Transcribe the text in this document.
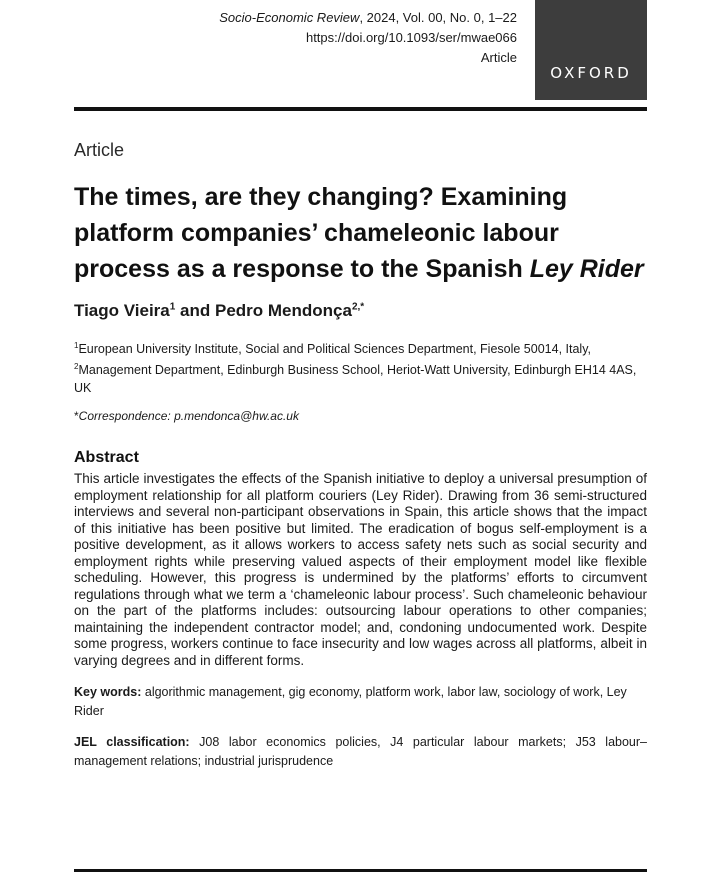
Socio-Economic Review, 2024, Vol. 00, No. 0, 1–22
https://doi.org/10.1093/ser/mwae066
Article
OXFORD

Article

The times, are they changing? Examining platform companies’ chameleonic labour process as a response to the Spanish Ley Rider

Tiago Vieira$^1$ and Pedro Mendonça$^{2,*}$

$^1$European University Institute, Social and Political Sciences Department, Fiesole 50014, Italy,
$^2$Management Department, Edinburgh Business School, Heriot-Watt University, Edinburgh EH14 4AS, UK

*Correspondence: p.mendonca@hw.ac.uk

Abstract

This article investigates the effects of the Spanish initiative to deploy a universal presumption of employment relationship for all platform couriers (Ley Rider). Drawing from 36 semi-structured interviews and several non-participant observations in Spain, this article shows that the impact of this initiative has been positive but limited. The eradication of bogus self-employment is a positive development, as it allows workers to access safety nets such as social security and employment rights while preserving valued aspects of their employment model like flexible scheduling. However, this progress is undermined by the platforms’ efforts to circumvent regulations through what we term a ‘chameleonic labour process’. Such chameleonic behaviour on the part of the platforms includes: outsourcing labour operations to other companies; maintaining the independent contractor model; and, condoning undocumented work. Despite some progress, workers continue to face insecurity and low wages across all platforms, albeit in varying degrees and in different forms.

Key words: algorithmic management, gig economy, platform work, labor law, sociology of work, Ley Rider

JEL classification: J08 labor economics policies, J4 particular labour markets; J53 labour–management relations; industrial jurisprudence
